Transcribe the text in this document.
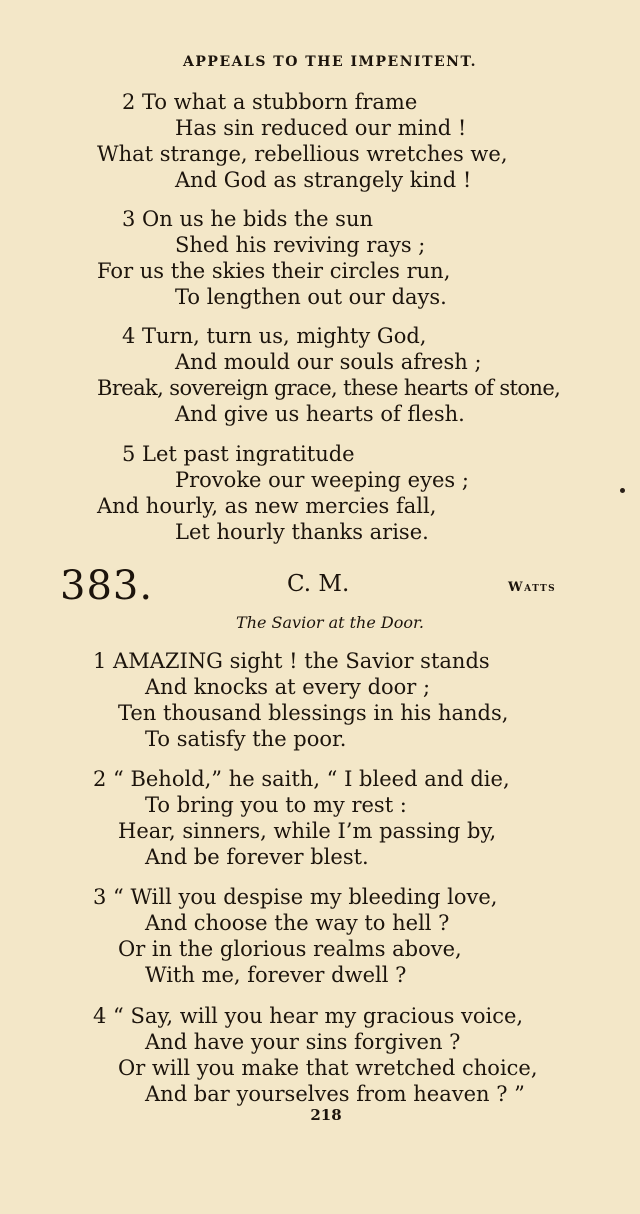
APPEALS TO THE IMPENITENT.
2 To what a stubborn frame
Has sin reduced our mind !
What strange, rebellious wretches we,
And God as strangely kind !
3 On us he bids the sun
Shed his reviving rays ;
For us the skies their circles run,
To lengthen out our days.
4 Turn, turn us, mighty God,
And mould our souls afresh ;
Break, sovereign grace, these hearts of stone,
And give us hearts of flesh.
5 Let past ingratitude
Provoke our weeping eyes ;
And hourly, as new mercies fall,
Let hourly thanks arise.
383.	C. M.	Watts
The Savior at the Door.
1 AMAZING sight ! the Savior stands
And knocks at every door ;
Ten thousand blessings in his hands,
To satisfy the poor.
2 “ Behold,” he saith, “ I bleed and die,
To bring you to my rest :
Hear, sinners, while I’m passing by,
And be forever blest.
3 “ Will you despise my bleeding love,
And choose the way to hell ?
Or in the glorious realms above,
With me, forever dwell ?
4 “ Say, will you hear my gracious voice,
And have your sins forgiven ?
Or will you make that wretched choice,
And bar yourselves from heaven ? ”
218
